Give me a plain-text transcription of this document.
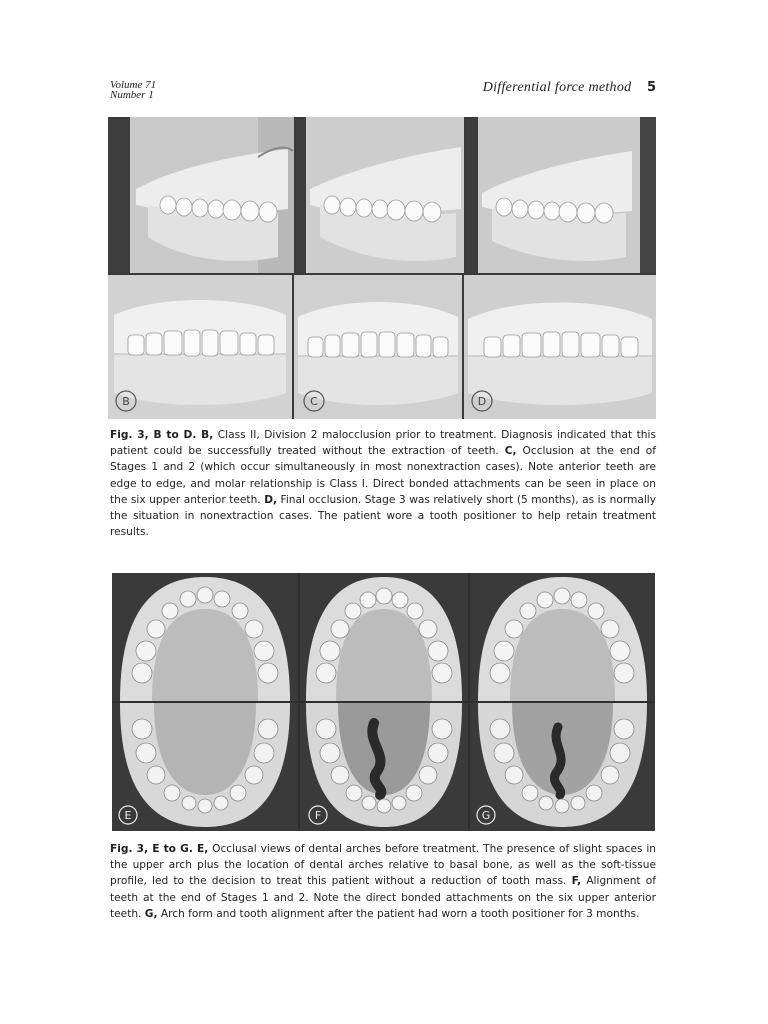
Volume 71
Number 1	Differential force method 5
B	C	D
Fig. 3, B to D. B, Class II, Division 2 malocclusion prior to treatment. Diagnosis indicated that this patient could be successfully treated without the extraction of teeth. C, Occlusion at the end of Stages 1 and 2 (which occur simultaneously in most nonextraction cases). Note anterior teeth are edge to edge, and molar relationship is Class I. Direct bonded attachments can be seen in place on the six upper anterior teeth. D, Final occlusion. Stage 3 was relatively short (5 months), as is normally the situation in nonextraction cases. The patient wore a tooth positioner to help retain treatment results.
E	F	G
Fig. 3, E to G. E, Occlusal views of dental arches before treatment. The presence of slight spaces in the upper arch plus the location of dental arches relative to basal bone, as well as the soft-tissue profile, led to the decision to treat this patient without a reduction of tooth mass. F, Alignment of teeth at the end of Stages 1 and 2. Note the direct bonded attachments on the six upper anterior teeth. G, Arch form and tooth alignment after the patient had worn a tooth positioner for 3 months.
